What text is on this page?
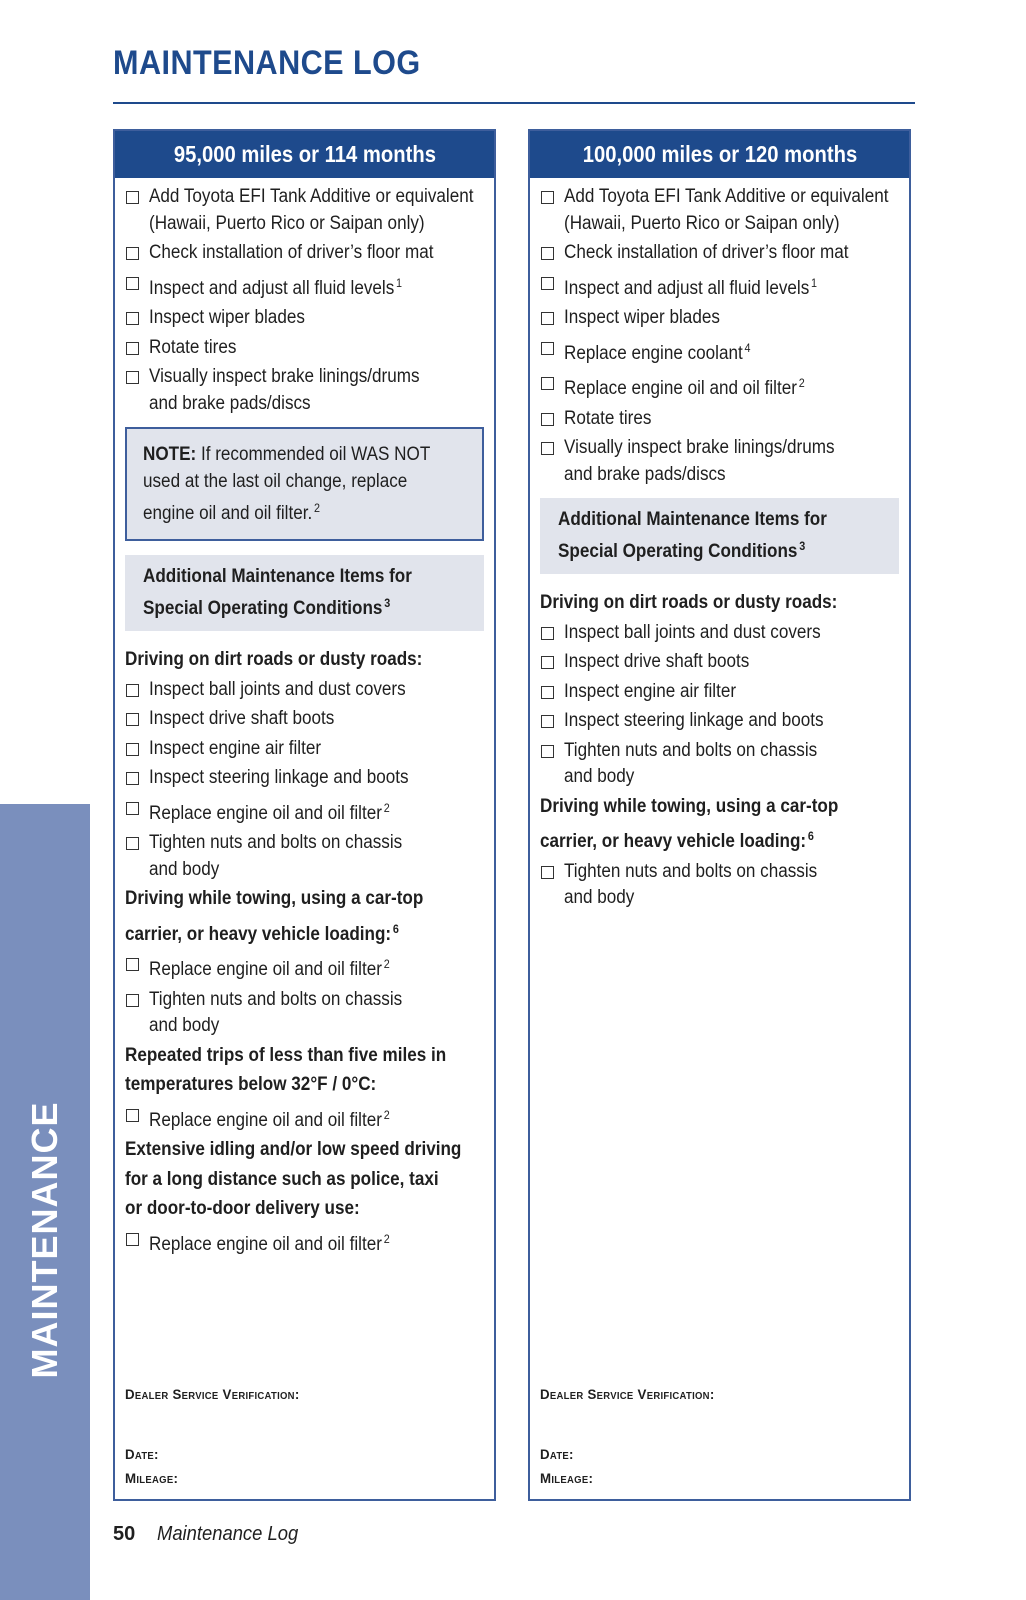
MAINTENANCE LOG
MAINTENANCE
95,000 miles or 114 months
Add Toyota EFI Tank Additive or equivalent
(Hawaii, Puerto Rico or Saipan only)
Check installation of driver’s floor mat
Inspect and adjust all fluid levels $^1$
Inspect wiper blades
Rotate tires
Visually inspect brake linings/drums
and brake pads/discs
NOTE: If recommended oil WAS NOT
used at the last oil change, replace
engine oil and oil filter. $^2$
Additional Maintenance Items for
Special Operating Conditions $^3$
Driving on dirt roads or dusty roads:
Inspect ball joints and dust covers
Inspect drive shaft boots
Inspect engine air filter
Inspect steering linkage and boots
Replace engine oil and oil filter $^2$
Tighten nuts and bolts on chassis
and body
Driving while towing, using a car-top
carrier, or heavy vehicle loading: $^6$
Replace engine oil and oil filter $^2$
Tighten nuts and bolts on chassis
and body
Repeated trips of less than five miles in
temperatures below 32°F / 0°C:
Replace engine oil and oil filter $^2$
Extensive idling and/or low speed driving
for a long distance such as police, taxi
or door-to-door delivery use:
Replace engine oil and oil filter $^2$
Dealer Service Verification:
Date:
Mileage:
100,000 miles or 120 months
Add Toyota EFI Tank Additive or equivalent
(Hawaii, Puerto Rico or Saipan only)
Check installation of driver’s floor mat
Inspect and adjust all fluid levels $^1$
Inspect wiper blades
Replace engine coolant $^4$
Replace engine oil and oil filter $^2$
Rotate tires
Visually inspect brake linings/drums
and brake pads/discs
Additional Maintenance Items for
Special Operating Conditions $^3$
Driving on dirt roads or dusty roads:
Inspect ball joints and dust covers
Inspect drive shaft boots
Inspect engine air filter
Inspect steering linkage and boots
Tighten nuts and bolts on chassis
and body
Driving while towing, using a car-top
carrier, or heavy vehicle loading: $^6$
Tighten nuts and bolts on chassis
and body
Dealer Service Verification:
Date:
Mileage:
50 Maintenance Log
